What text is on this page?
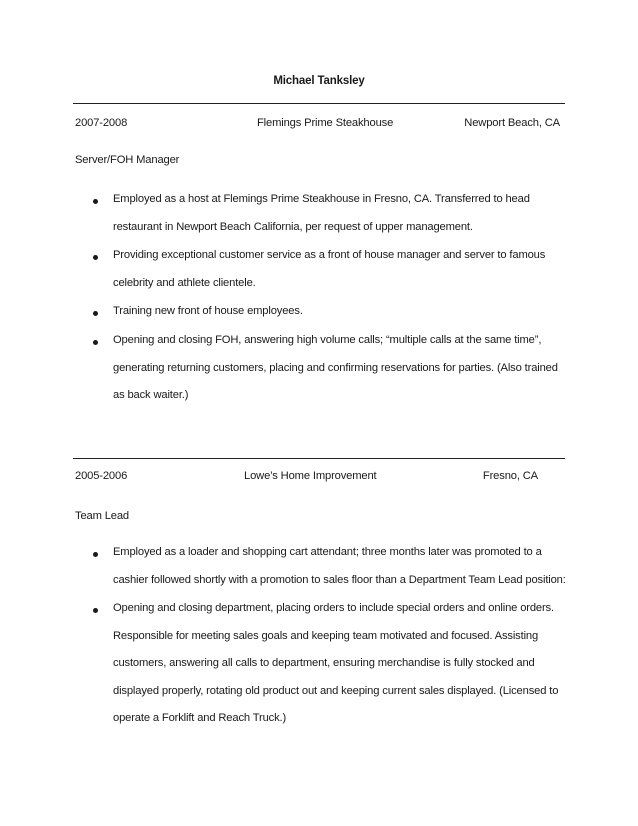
Michael Tanksley
2007-2008	Flemings Prime Steakhouse	Newport Beach, CA
Server/FOH Manager
Employed as a host at Flemings Prime Steakhouse in Fresno, CA. Transferred to head restaurant in Newport Beach California, per request of upper management.
Providing exceptional customer service as a front of house manager and server to famous celebrity and athlete clientele.
Training new front of house employees.
Opening and closing FOH, answering high volume calls; “multiple calls at the same time”, generating returning customers, placing and confirming reservations for parties. (Also trained as back waiter.)
2005-2006	Lowe’s Home Improvement	Fresno, CA
Team Lead
Employed as a loader and shopping cart attendant; three months later was promoted to a cashier followed shortly with a promotion to sales floor than a Department Team Lead position:
Opening and closing department, placing orders to include special orders and online orders. Responsible for meeting sales goals and keeping team motivated and focused. Assisting customers, answering all calls to department, ensuring merchandise is fully stocked and displayed properly, rotating old product out and keeping current sales displayed. (Licensed to operate a Forklift and Reach Truck.)
